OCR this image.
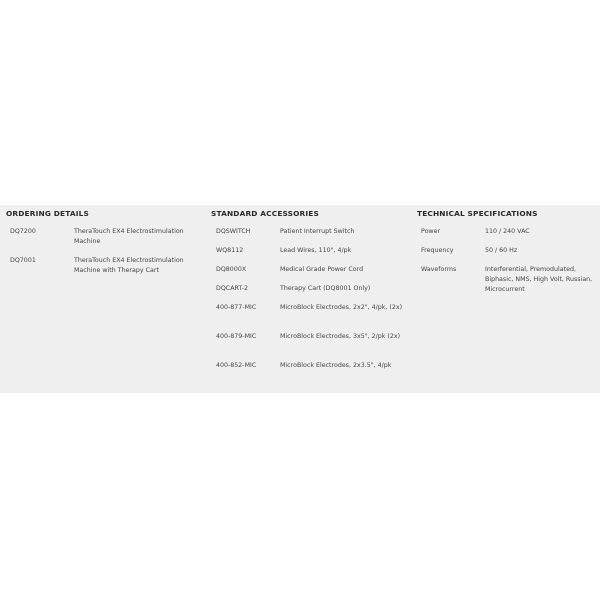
ORDERING DETAILS
DQ7200	TheraTouch EX4 Electrostimulation Machine
DQ7001	TheraTouch EX4 Electrostimulation Machine with Therapy Cart
STANDARD ACCESSORIES
DQSWITCH	Patient Interrupt Switch
WQ8112	Lead Wires, 110", 4/pk
DQ8000X	Medical Grade Power Cord
DQCART-2	Therapy Cart (DQ8001 Only)
400-877-MIC	MicroBlock Electrodes, 2x2", 4/pk, (2x)
400-879-MIC	MicroBlock Electrodes, 3x5", 2/pk (2x)
400-852-MIC	MicroBlock Electrodes, 2x3.5", 4/pk
TECHNICAL SPECIFICATIONS
Power	110 / 240 VAC
Frequency	50 / 60 Hz
Waveforms	Interferential, Premodulated, Biphasic, NMS, High Volt, Russian, Microcurrent
